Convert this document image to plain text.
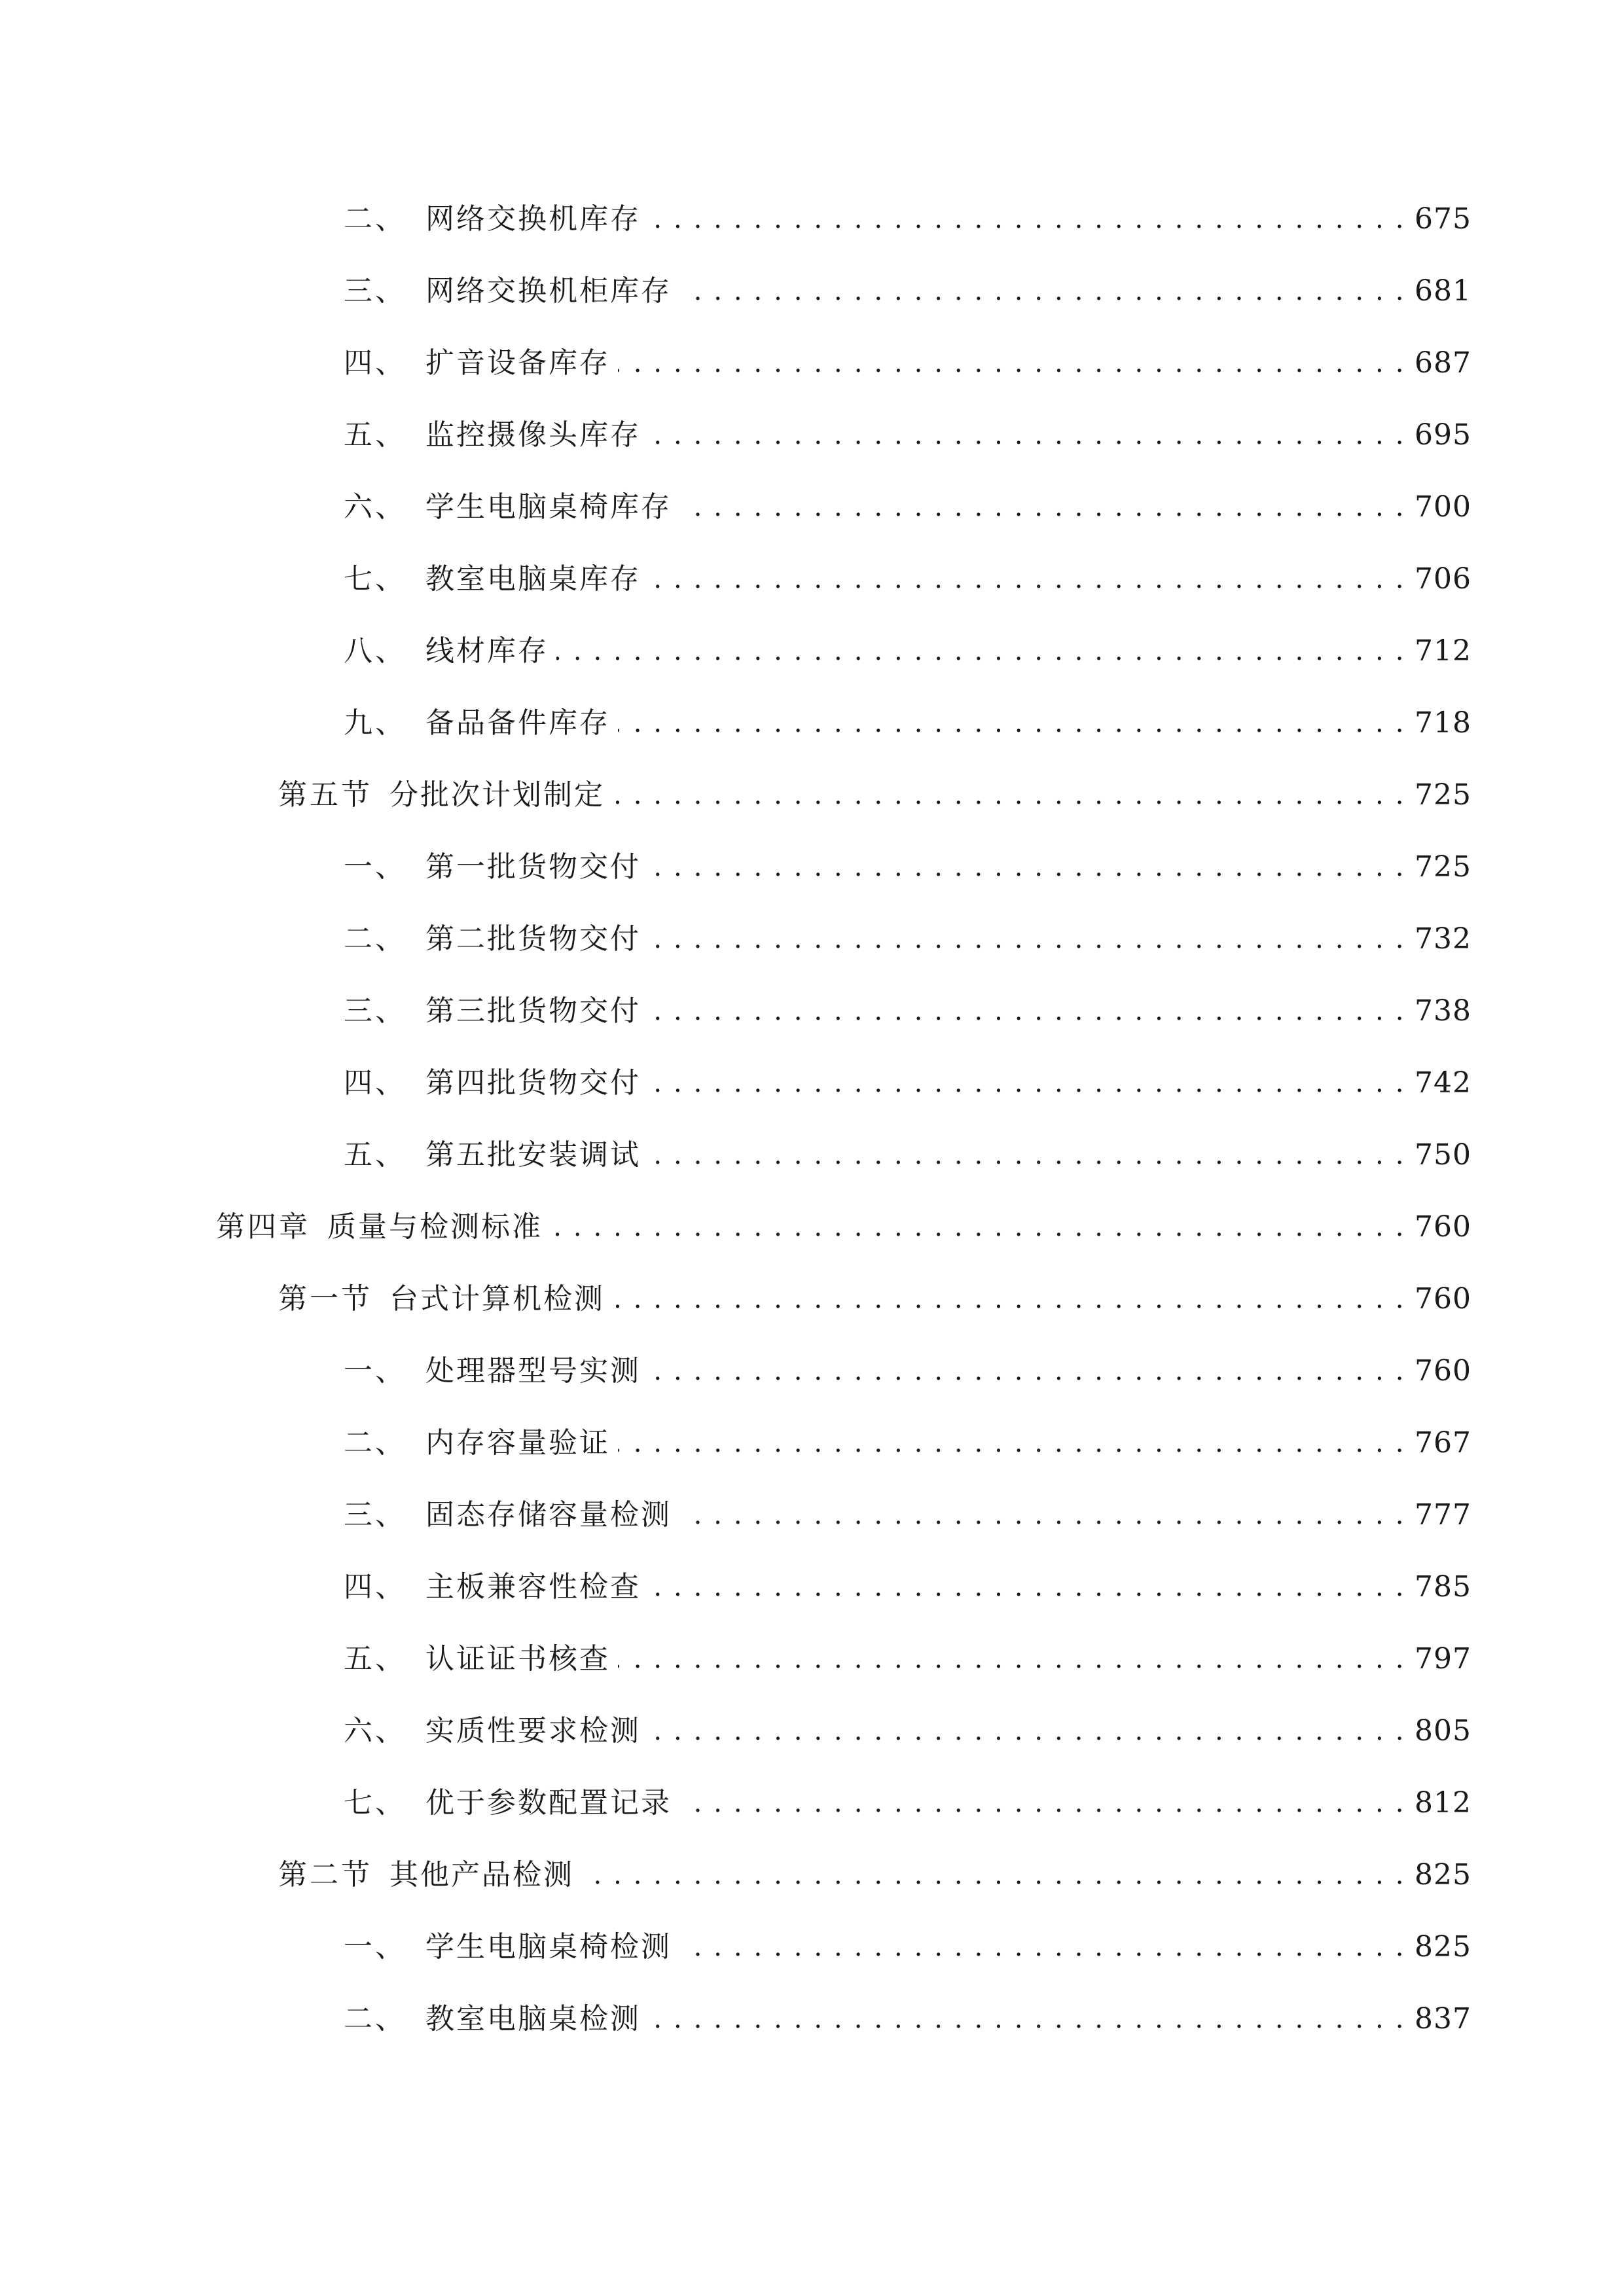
二、 网络交换机库存 . . .	675
三、 网络交换机柜库存 . . .	681
四、 扩音设备库存 . . .	687
五、 监控摄像头库存 . . .	695
六、 学生电脑桌椅库存 . . .	700
七、 教室电脑桌库存 . . .	706
八、 线材库存 . . .	712
九、 备品备件库存 . . .	718
第五节 分批次计划制定 . . .	725
一、 第一批货物交付 . . .	725
二、 第二批货物交付 . . .	732
三、 第三批货物交付 . . .	738
四、 第四批货物交付 . . .	742
五、 第五批安装调试 . . .	750
第四章 质量与检测标准 . . .	760
第一节 台式计算机检测 . . .	760
一、 处理器型号实测 . . .	760
二、 内存容量验证 . . .	767
三、 固态存储容量检测 . . .	777
四、 主板兼容性检查 . . .	785
五、 认证证书核查 . . .	797
六、 实质性要求检测 . . .	805
七、 优于参数配置记录 . . .	812
第二节 其他产品检测 . . .	825
一、 学生电脑桌椅检测 . . .	825
二、 教室电脑桌检测 . . .	837
